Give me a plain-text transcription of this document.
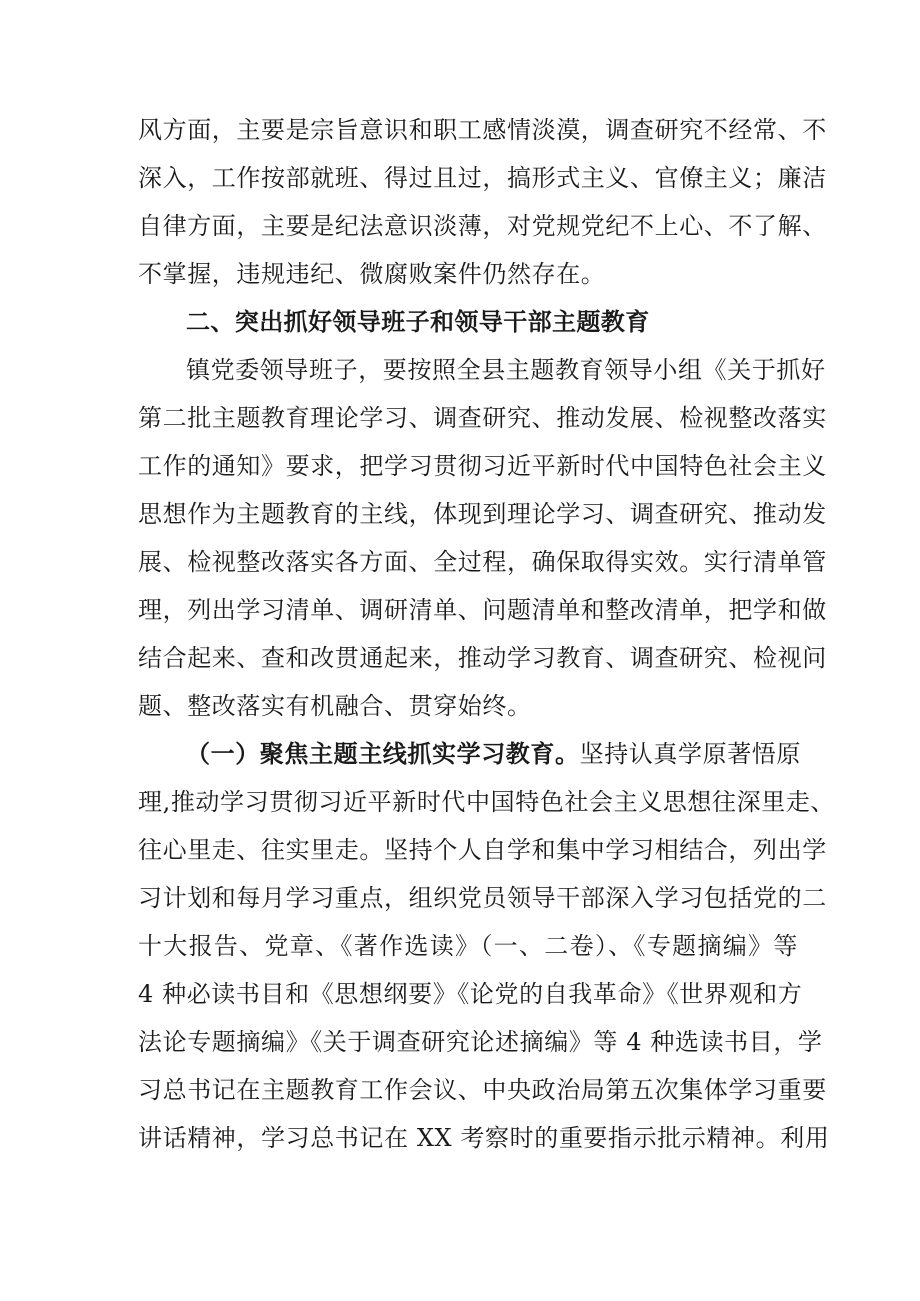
风方面，主要是宗旨意识和职工感情淡漠，调查研究不经常、不
深入，工作按部就班、得过且过，搞形式主义、官僚主义；廉洁
自律方面，主要是纪法意识淡薄，对党规党纪不上心、不了解、
不掌握，违规违纪、微腐败案件仍然存在。
二、突出抓好领导班子和领导干部主题教育
镇党委领导班子，要按照全县主题教育领导小组《关于抓好
第二批主题教育理论学习、调查研究、推动发展、检视整改落实
工作的通知》要求，把学习贯彻习近平新时代中国特色社会主义
思想作为主题教育的主线，体现到理论学习、调查研究、推动发
展、检视整改落实各方面、全过程，确保取得实效。实行清单管
理，列出学习清单、调研清单、问题清单和整改清单，把学和做
结合起来、查和改贯通起来，推动学习教育、调查研究、检视问
题、整改落实有机融合、贯穿始终。
（一）聚焦主题主线抓实学习教育。 坚持认真学原著悟原
理,推动学习贯彻习近平新时代中国特色社会主义思想往深里走、
往心里走、往实里走。坚持个人自学和集中学习相结合，列出学
习计划和每月学习重点，组织党员领导干部深入学习包括党的二
十大报告、党章、《著作选读》（一、二卷）、《专题摘编》等
4 种必读书目和《思想纲要》《论党的自我革命》《世界观和方
法论专题摘编》《关于调查研究论述摘编》等 4 种选读书目，学
习总书记在主题教育工作会议、中央政治局第五次集体学习重要
讲话精神，学习总书记在 XX 考察时的重要指示批示精神。利用
